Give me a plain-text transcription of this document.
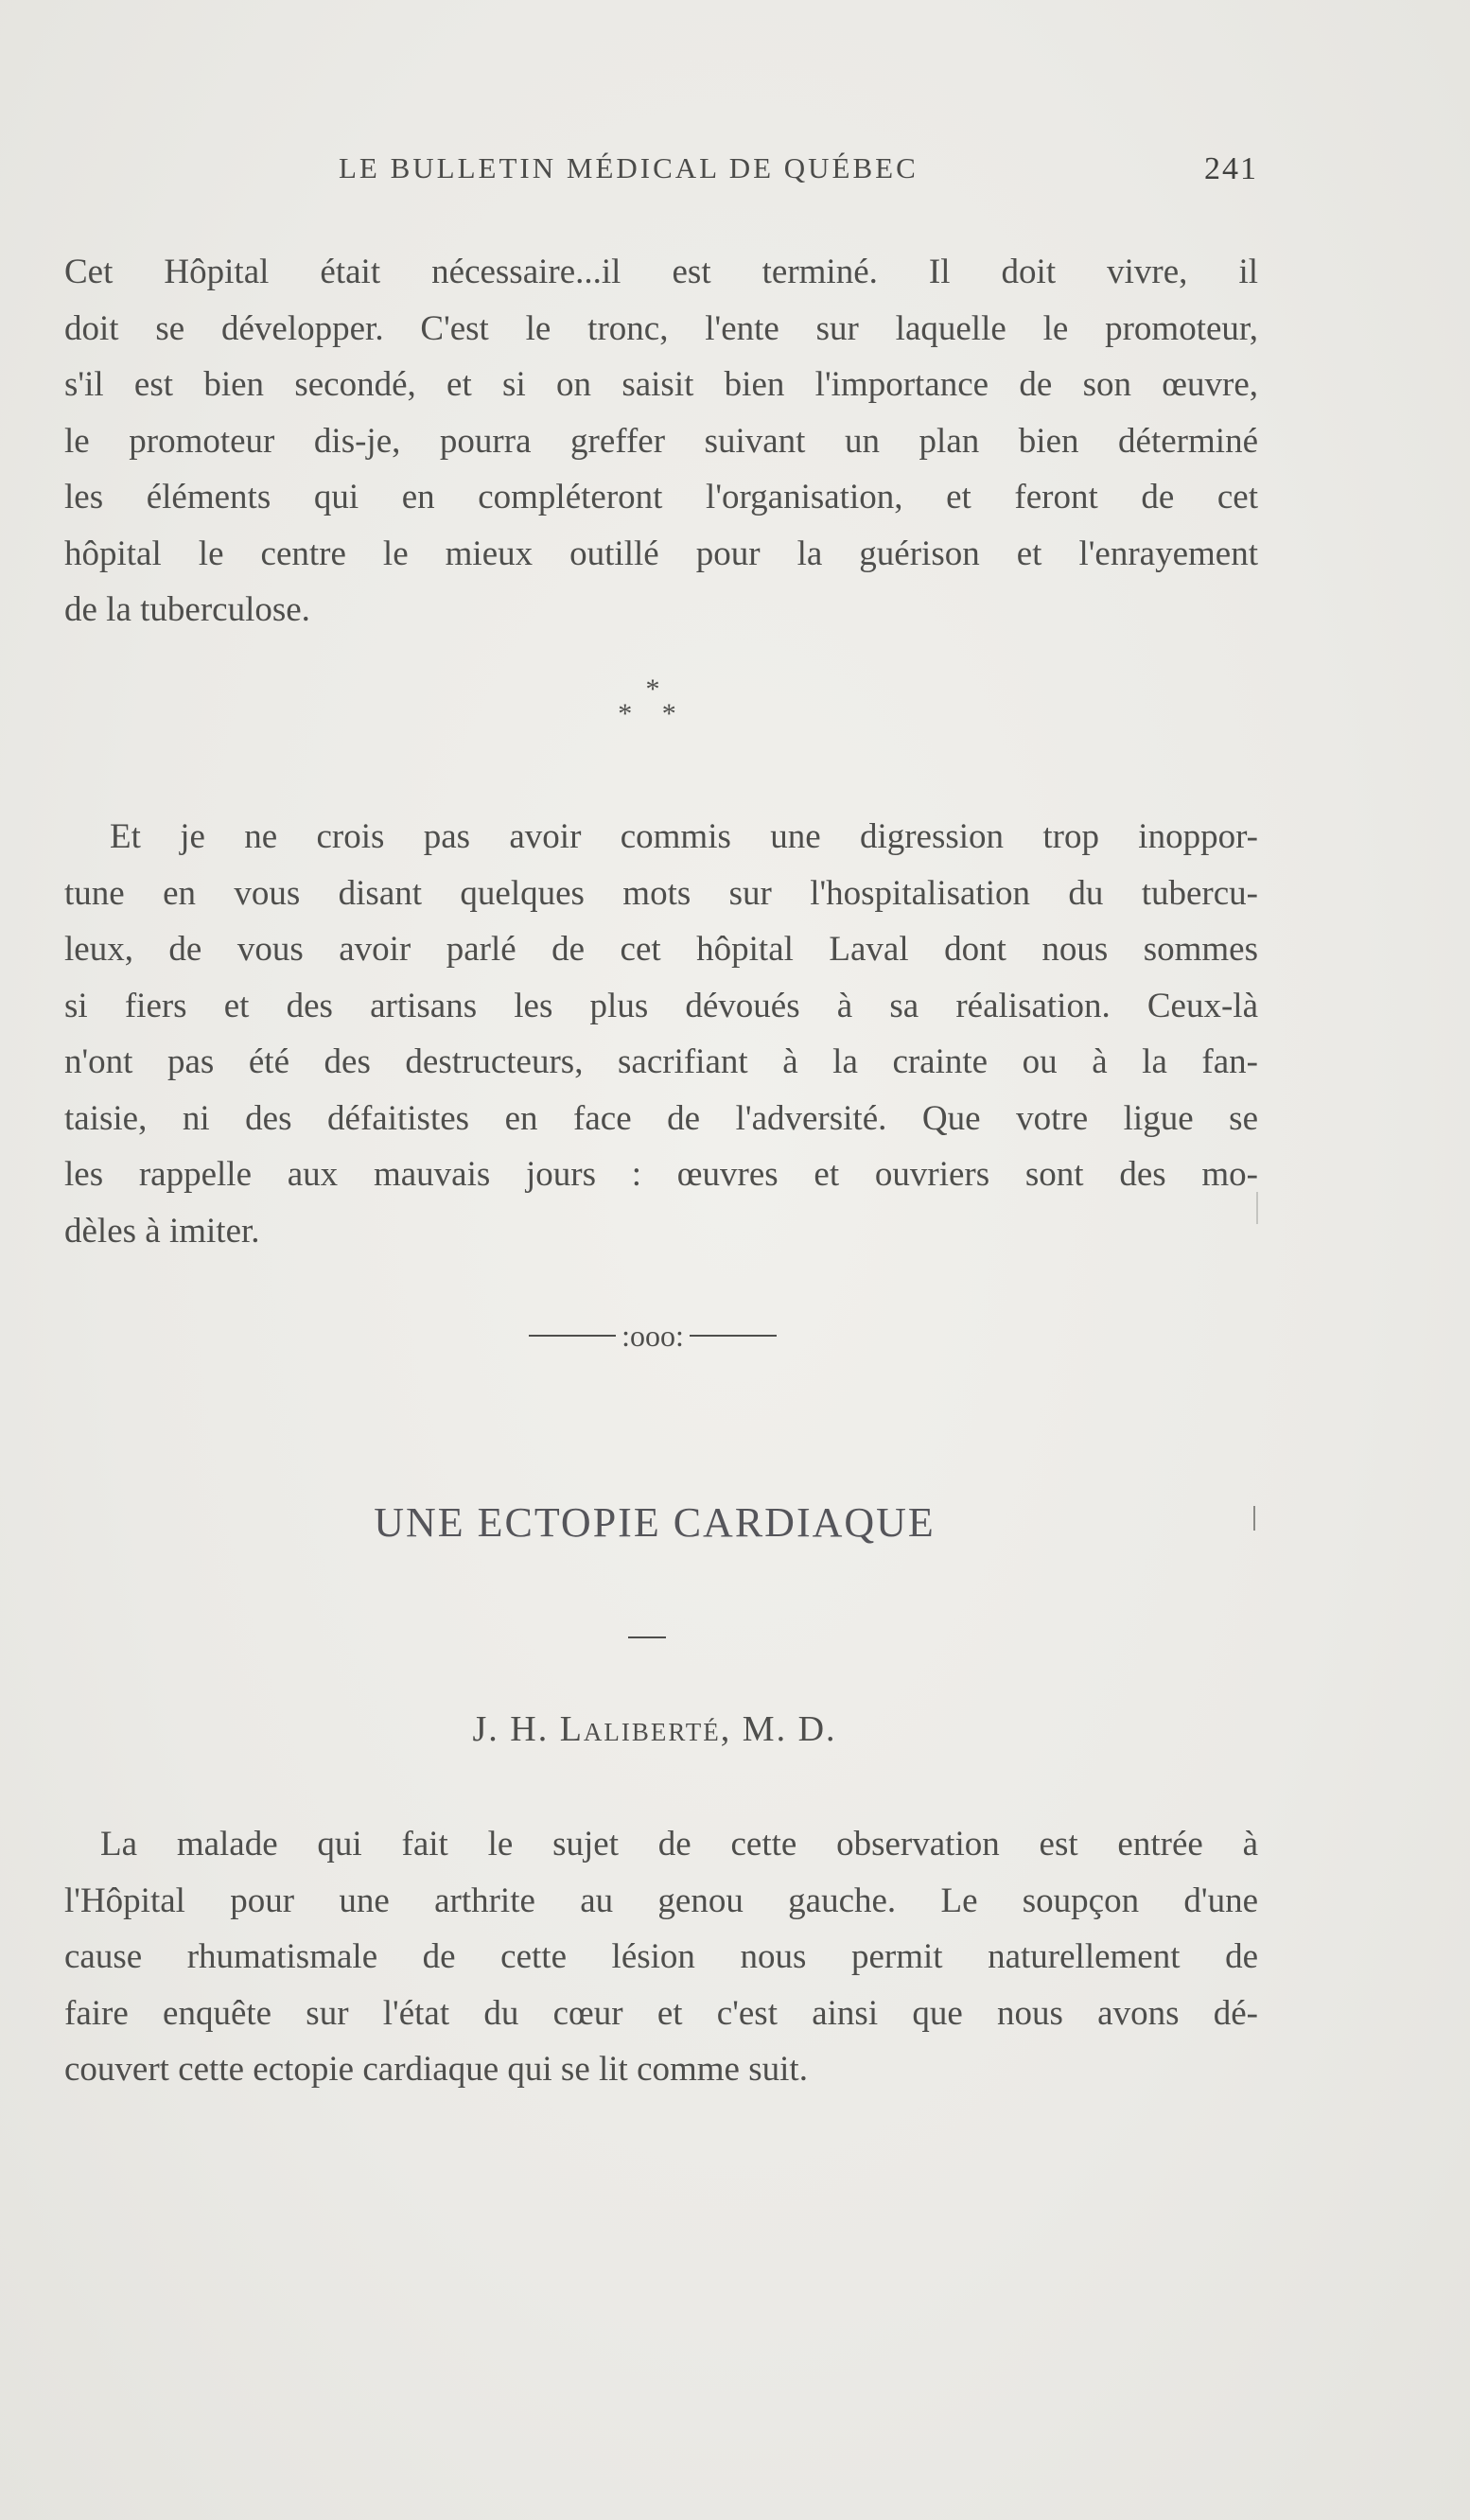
LE BULLETIN MÉDICAL DE QUÉBEC	241

Cet Hôpital était nécessaire...il est terminé. Il doit vivre, il
doit se développer. C'est le tronc, l'ente sur laquelle le promoteur,
s'il est bien secondé, et si on saisit bien l'importance de son œuvre,
le promoteur dis-je, pourra greffer suivant un plan bien déterminé
les éléments qui en compléteront l'organisation, et feront de cet
hôpital le centre le mieux outillé pour la guérison et l'enrayement
de la tuberculose.

*
* *

Et je ne crois pas avoir commis une digression trop inoppor-
tune en vous disant quelques mots sur l'hospitalisation du tubercu-
leux, de vous avoir parlé de cet hôpital Laval dont nous sommes
si fiers et des artisans les plus dévoués à sa réalisation. Ceux-là
n'ont pas été des destructeurs, sacrifiant à la crainte ou à la fan-
taisie, ni des défaitistes en face de l'adversité. Que votre ligue se
les rappelle aux mauvais jours : œuvres et ouvriers sont des mo-
dèles à imiter.

:ooo:
UNE ECTOPIE CARDIAQUE
J. H. Laliberté, M. D.

La malade qui fait le sujet de cette observation est entrée à
l'Hôpital pour une arthrite au genou gauche. Le soupçon d'une
cause rhumatismale de cette lésion nous permit naturellement de
faire enquête sur l'état du cœur et c'est ainsi que nous avons dé-
couvert cette ectopie cardiaque qui se lit comme suit.
